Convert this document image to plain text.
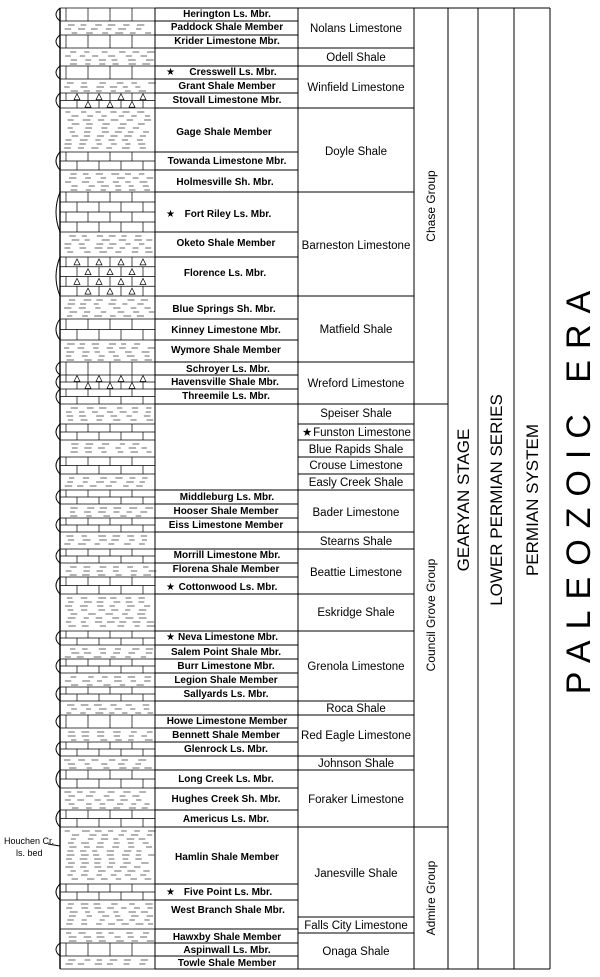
Herington Ls. Mbr.
Paddock Shale Member
Krider Limestone Mbr.
★ Cresswell Ls. Mbr.
Grant Shale Member
Stovall Limestone Mbr.
Gage Shale Member
Towanda Limestone Mbr.
Holmesville Sh. Mbr.
★ Fort Riley Ls. Mbr.
Oketo Shale Member
Florence Ls. Mbr.
Blue Springs Sh. Mbr.
Kinney Limestone Mbr.
Wymore Shale Member
Schroyer Ls. Mbr.
Havensville Shale Mbr.
Threemile Ls. Mbr.
Middleburg Ls. Mbr.
Hooser Shale Member
Eiss Limestone Member
Morrill Limestone Mbr.
Florena Shale Member
★ Cottonwood Ls. Mbr.
★ Neva Limestone Mbr.
Salem Point Shale Mbr.
Burr Limestone Mbr.
Legion Shale Member
Sallyards Ls. Mbr.
Howe Limestone Member
Bennett Shale Member
Glenrock Ls. Mbr.
Long Creek Ls. Mbr.
Hughes Creek Sh. Mbr.
Americus Ls. Mbr.
Hamlin Shale Member
★ Five Point Ls. Mbr.
West Branch Shale Mbr.
Hawxby Shale Member
Aspinwall Ls. Mbr.
Towle Shale Member
Nolans Limestone
Odell Shale
Winfield Limestone
Doyle Shale
Barneston Limestone
Matfield Shale
Wreford Limestone
Speiser Shale
★ Funston Limestone
Blue Rapids Shale
Crouse Limestone
Easly Creek Shale
Bader Limestone
Stearns Shale
Beattie Limestone
Eskridge Shale
Grenola Limestone
Roca Shale
Red Eagle Limestone
Johnson Shale
Foraker Limestone
Janesville Shale
Falls City Limestone
Onaga Shale
Chase Group
Council Grove Group
Admire Group
GEARYAN STAGE LOWER PERMIAN SERIES PERMIAN SYSTEM PALEOZOIC ERA
Houchen Cr.
ls. bed
